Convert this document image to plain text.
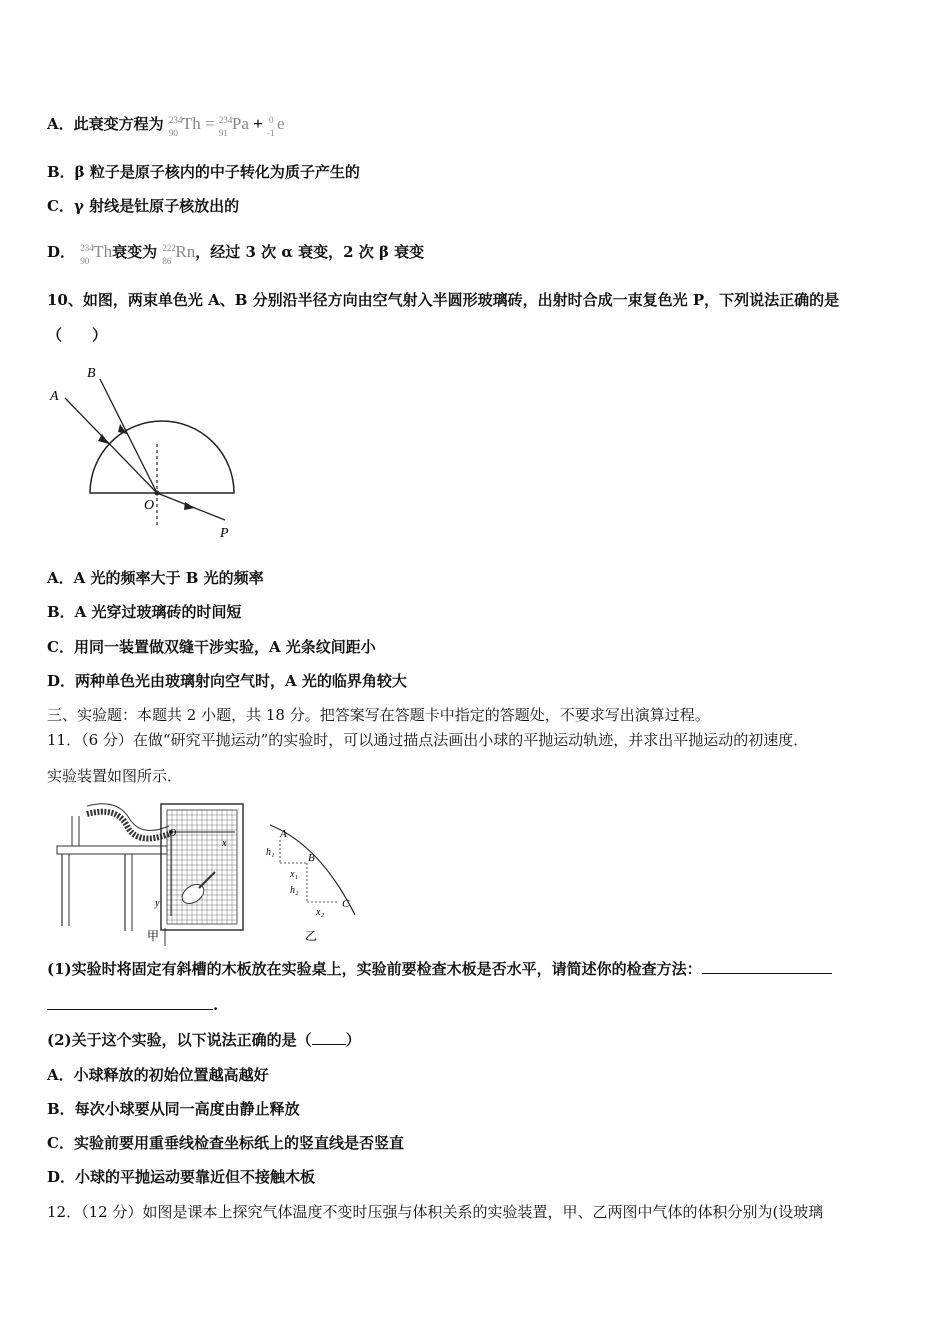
A．此衰变方程为 234
90 Th = 234
91 Pa + 0
-1 e
B．β 粒子是原子核内的中子转化为质子产生的
C．γ 射线是钍原子核放出的
D． 234
90 Th衰变为 222
86 Rn，经过 3 次 α 衰变，2 次 β 衰变
10、如图，两束单色光 A、B 分别沿半径方向由空气射入半圆形玻璃砖，出射时合成一束复色光 P，下列说法正确的是
（　　）
A
B
O
P
A．A 光的频率大于 B 光的频率
B．A 光穿过玻璃砖的时间短
C．用同一装置做双缝干涉实验，A 光条纹间距小
D．两种单色光由玻璃射向空气时，A 光的临界角较大
三、实验题：本题共 2 小题，共 18 分。把答案写在答题卡中指定的答题处，不要求写出演算过程。
11．（6 分）在做“研究平抛运动”的实验时，可以通过描点法画出小球的平抛运动轨迹，并求出平抛运动的初速度．
实验装置如图所示．
O
x
y
甲
A
B
C
h₁
x₁
h₂
x₂
乙
(1)实验时将固定有斜槽的木板放在实验桌上，实验前要检查木板是否水平，请简述你的检查方法：
.
(2)关于这个实验，以下说法正确的是（ ）
A．小球释放的初始位置越高越好
B．每次小球要从同一高度由静止释放
C．实验前要用重垂线检查坐标纸上的竖直线是否竖直
D．小球的平抛运动要靠近但不接触木板
12．（12 分）如图是课本上探究气体温度不变时压强与体积关系的实验装置，甲、乙两图中气体的体积分别为(设玻璃
